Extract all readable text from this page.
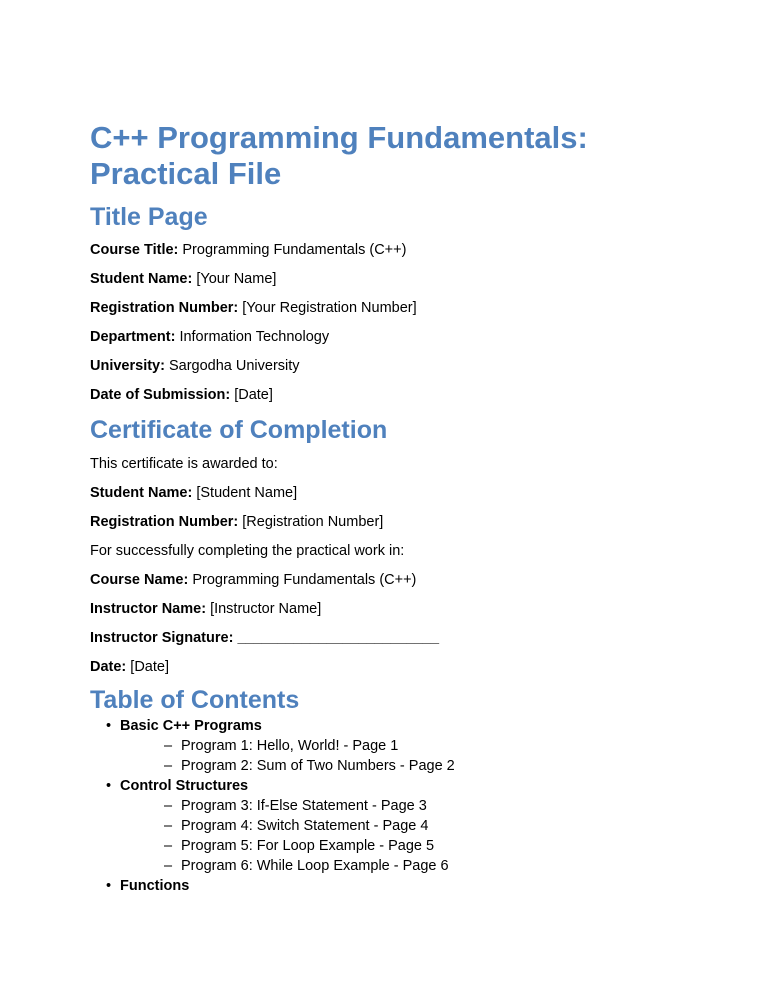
C++ Programming Fundamentals:
Practical File
Title Page
Course Title: Programming Fundamentals (C++)
Student Name: [Your Name]
Registration Number: [Your Registration Number]
Department: Information Technology
University: Sargodha University
Date of Submission: [Date]
Certificate of Completion
This certificate is awarded to:
Student Name: [Student Name]
Registration Number: [Registration Number]
For successfully completing the practical work in:
Course Name: Programming Fundamentals (C++)
Instructor Name: [Instructor Name]
Instructor Signature: _________________________
Date: [Date]
Table of Contents
• Basic C++ Programs
– Program 1: Hello, World! - Page 1
– Program 2: Sum of Two Numbers - Page 2
• Control Structures
– Program 3: If-Else Statement - Page 3
– Program 4: Switch Statement - Page 4
– Program 5: For Loop Example - Page 5
– Program 6: While Loop Example - Page 6
• Functions
